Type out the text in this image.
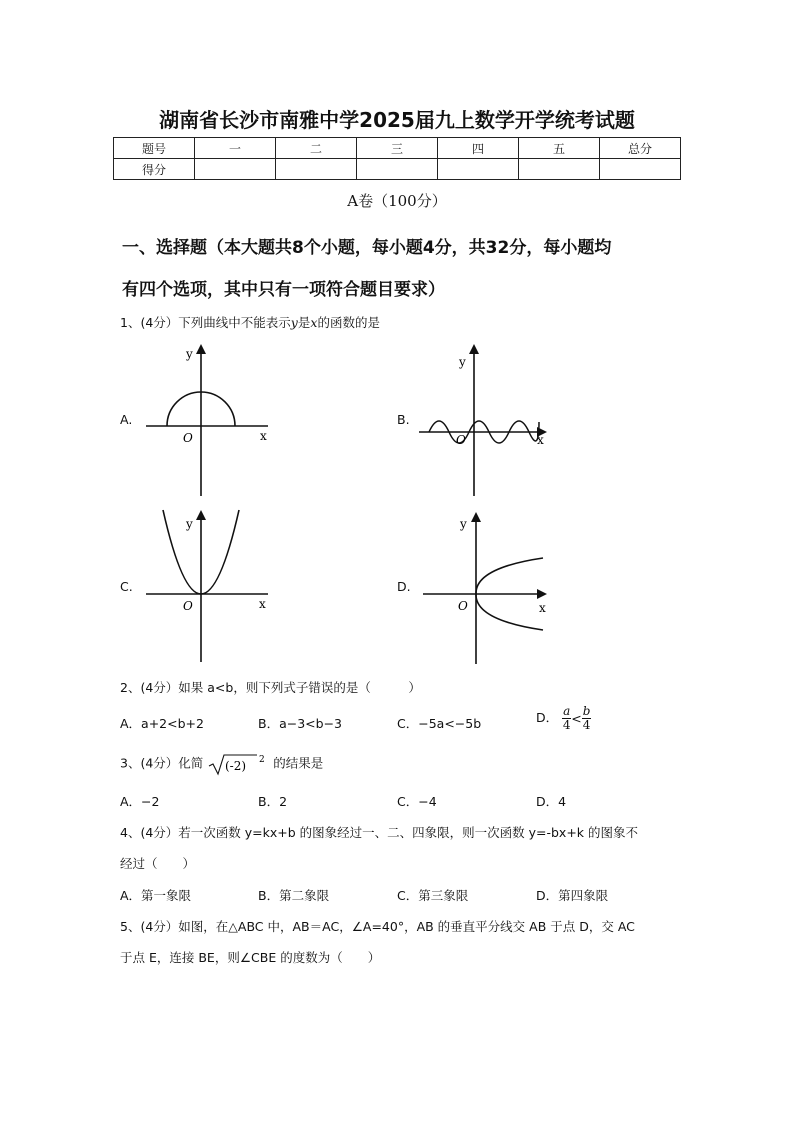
湖南省长沙市南雅中学2025届九上数学开学统考试题
题号	一	二	三	四	五	总分
得分						
A卷（100分）
一、选择题（本大题共8个小题，每小题4分，共32分，每小题均
有四个选项，其中只有一项符合题目要求）
1、(4分）下列曲线中不能表示y是x的函数的是
A.
y
x
O
B.
y
x
O
C.
y
x
O
D.
y
x
O
2、(4分）如果 a<b，则下列式子错误的是（　　　）
A．a+2<b+2	B．a−3<b−3	C．−5a<−5b	D． $\frac{a}{4} < \frac{b}{4}$
3、(4分）化简 (-2) 2 的结果是
A．−2	B．2	C．−4	D．4
4、(4分）若一次函数 y=kx+b 的图象经过一、二、四象限，则一次函数 y=-bx+k 的图象不
经过（　　）
A．第一象限	B．第二象限	C．第三象限	D．第四象限
5、(4分）如图，在△ABC 中，AB＝AC，∠A=40°，AB 的垂直平分线交 AB 于点 D，交 AC
于点 E，连接 BE，则∠CBE 的度数为（　　）
